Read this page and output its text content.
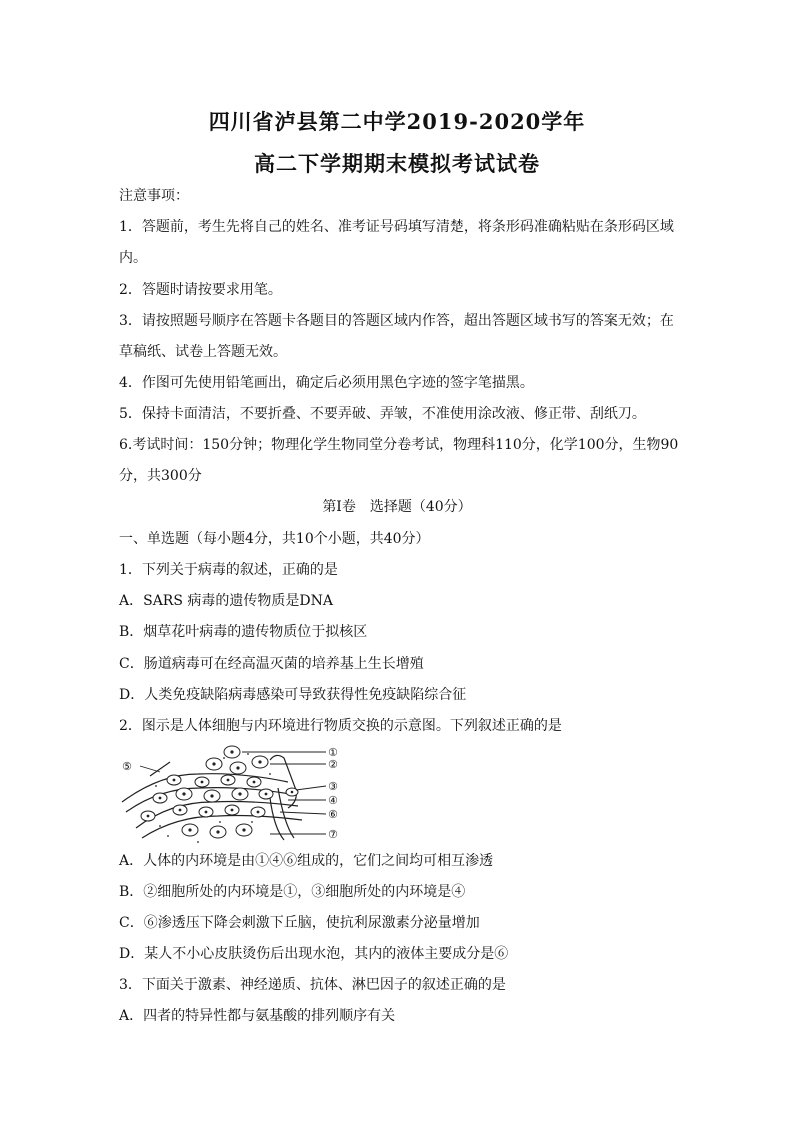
四川省泸县第二中学2019-2020学年
高二下学期期末模拟考试试卷
注意事项：
1．答题前，考生先将自己的姓名、准考证号码填写清楚，将条形码准确粘贴在条形码区域
内。
2．答题时请按要求用笔。
3．请按照题号顺序在答题卡各题目的答题区域内作答，超出答题区域书写的答案无效；在
草稿纸、试卷上答题无效。
4．作图可先使用铅笔画出，确定后必须用黑色字迹的签字笔描黑。
5．保持卡面清洁，不要折叠、不要弄破、弄皱，不准使用涂改液、修正带、刮纸刀。
6.考试时间：150分钟；物理化学生物同堂分卷考试，物理科110分，化学100分，生物90
分，共300分
第Ⅰ卷　选择题（40分）
一、单选题（每小题4分，共10个小题，共40分）
1．下列关于病毒的叙述，正确的是
A．SARS 病毒的遗传物质是DNA
B．烟草花叶病毒的遗传物质位于拟核区
C．肠道病毒可在经高温灭菌的培养基上生长增殖
D．人类免疫缺陷病毒感染可导致获得性免疫缺陷综合征
2．图示是人体细胞与内环境进行物质交换的示意图。下列叙述正确的是
①
②
③
④
⑤
⑥
⑦
A．人体的内环境是由①④⑥组成的，它们之间均可相互渗透
B．②细胞所处的内环境是①，③细胞所处的内环境是④
C．⑥渗透压下降会刺激下丘脑，使抗利尿激素分泌量增加
D．某人不小心皮肤烫伤后出现水泡，其内的液体主要成分是⑥
3．下面关于激素、神经递质、抗体、淋巴因子的叙述正确的是
A．四者的特异性都与氨基酸的排列顺序有关
